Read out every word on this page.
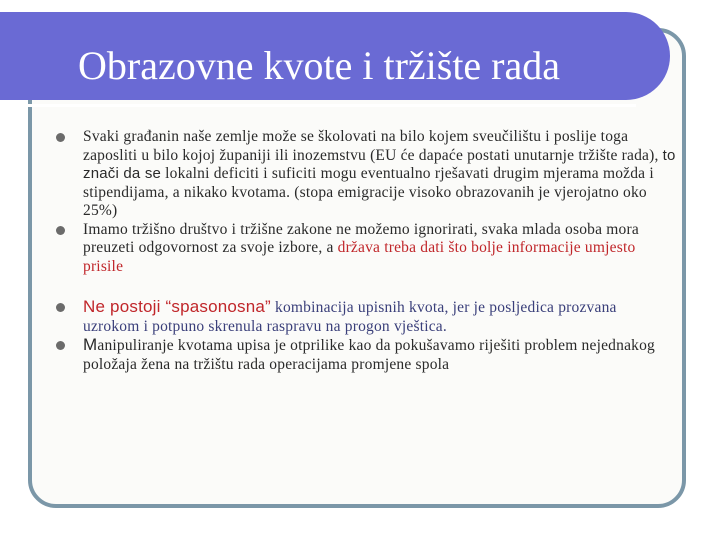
Obrazovne kvote i tržište rada
Svaki građanin naše zemlje može se školovati na bilo kojem sveučilištu i poslije toga zaposliti u bilo kojoj županiji ili inozemstvu (EU će dapaće postati unutarnje tržište rada), to znači da se lokalni deficiti i suficiti mogu eventualno rješavati drugim mjerama možda i stipendijama, a nikako kvotama. (stopa emigracije visoko obrazovanih je vjerojatno oko 25%)
Imamo tržišno društvo i tržišne zakone ne možemo ignorirati, svaka mlada osoba mora preuzeti odgovornost za svoje izbore, a država treba dati što bolje informacije umjesto prisile
Ne postoji “spasonosna” kombinacija upisnih kvota, jer je posljedica prozvana uzrokom i potpuno skrenula raspravu na progon vještica.
Manipuliranje kvotama upisa je otprilike kao da pokušavamo riješiti problem nejednakog položaja žena na tržištu rada operacijama promjene spola
